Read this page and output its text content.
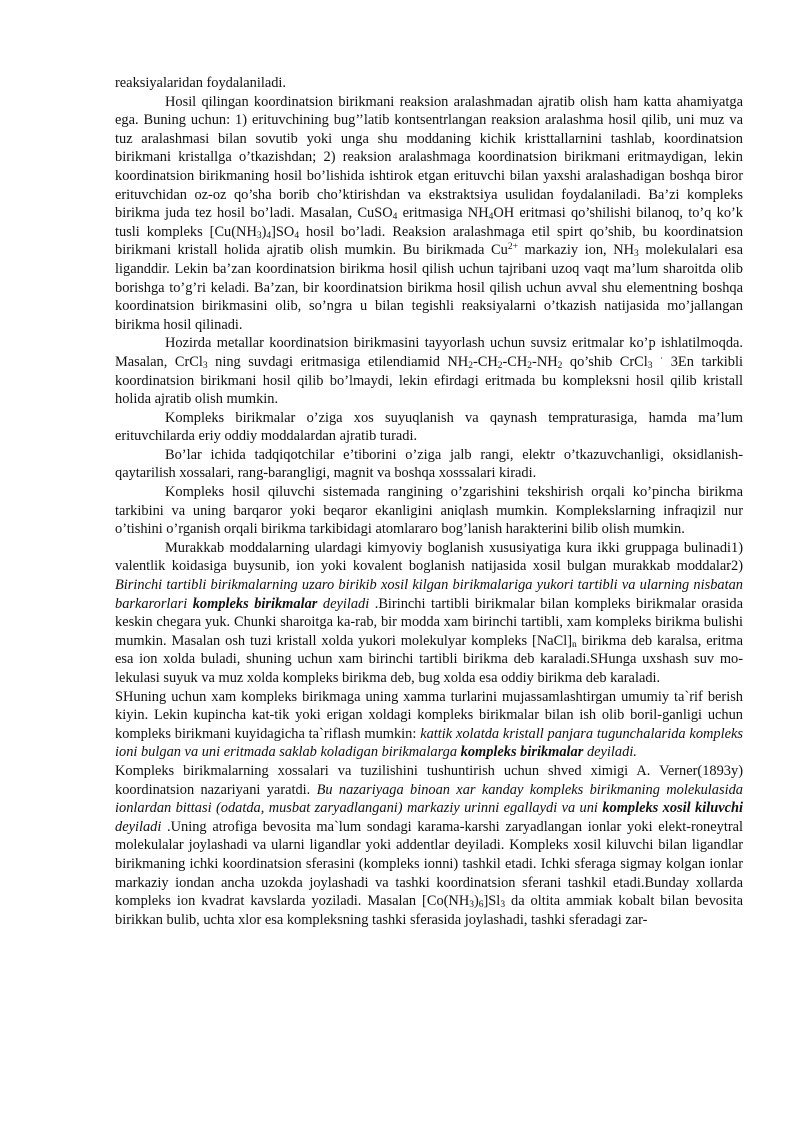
reaksiyalaridan foydalaniladi.

Hosil qilingan koordinatsion birikmani reaksion aralashmadan ajratib olish ham katta ahamiyatga ega. Buning uchun: 1) erituvchining bug’’latib kontsentrlangan reaksion aralashma hosil qilib, uni muz va tuz aralashmasi bilan sovutib yoki unga shu moddaning kichik kristtallarnini tashlab, koordinatsion birikmani kristallga o’tkazishdan; 2) reaksion aralashmaga koordinatsion birikmani eritmaydigan, lekin koordinatsion birikmaning hosil bo’lishida ishtirok etgan erituvchi bilan yaxshi aralashadigan boshqa biror erituvchidan oz-oz qo’sha borib cho’ktirishdan va ekstraktsiya usulidan foydalaniladi. Ba’zi kompleks birikma juda tez hosil bo’ladi. Masalan, CuSO$_4$ eritmasiga $NH_4OH$ eritmasi qo’shilishi bilanoq, to’q ko’k tusli kompleks $[Cu(NH_3)_4]SO_4$ hosil bo’ladi. Reaksion aralashmaga etil spirt qo’shib, bu koordinatsion birikmani kristall holida ajratib olish mumkin. Bu birikmada $Cu^{2+}$ markaziy ion, $NH_3$ molekulalari esa liganddir. Lekin ba’zan koordinatsion birikma hosil qilish uchun tajribani uzoq vaqt ma’lum sharoitda olib borishga to’g’ri keladi. Ba’zan, bir koordinatsion birikma hosil qilish uchun avval shu elementning boshqa koordinatsion birikmasini olib, so’ngra u bilan tegishli reaksiyalarni o’tkazish natijasida mo’jallangan birikma hosil qilinadi.

Hozirda metallar koordinatsion birikmasini tayyorlash uchun suvsiz eritmalar ko’p ishlatilmoqda. Masalan, CrCl$_3$ ning suvdagi eritmasiga etilendiamid $NH_2-CH_2-CH_2-NH_2$ qo’shib CrCl$_3$ · 3En tarkibli koordinatsion birikmani hosil qilib bo’lmaydi, lekin efirdagi eritmada bu kompleksni hosil qilib kristall holida ajratib olish mumkin.

Kompleks birikmalar o’ziga xos suyuqlanish va qaynash tempraturasiga, hamda ma’lum erituvchilarda eriy oddiy moddalardan ajratib turadi.

Bo’lar ichida tadqiqotchilar e’tiborini o’ziga jalb rangi, elektr o’tkazuvchanligi, oksidlanish-qaytarilish xossalari, rang-barangligi, magnit va boshqa xosssalari kiradi.

Kompleks hosil qiluvchi sistemada rangining o’zgarishini tekshirish orqali ko’pincha birikma tarkibini va uning barqaror yoki beqaror ekanligini aniqlash mumkin. Komplekslarning infraqizil nur o’tishini o’rganish orqali birikma tarkibidagi atomlararo bog’lanish harakterini bilib olish mumkin.

Murakkab moddalarning ulardagi kimyoviy boglanish xususiyatiga kura ikki gruppaga bulinadi1) valentlik koidasiga buysunib, ion yoki kovalent boglanish natijasida xosil bulgan murakkab moddalar2) Birinchi tartibli birikmalarning uzaro birikib xosil kilgan birikmalariga yukori tartibli va ularning nisbatan barkarorlari kompleks birikmalar deyiladi .Birinchi tartibli birikmalar bilan kompleks birikmalar orasida keskin chegara yuk. Chunki sharoitga ka-rab, bir modda xam birinchi tartibli, xam kompleks birikma bulishi mumkin. Masalan osh tuzi kristall xolda yukori molekulyar kompleks $[NaCl]_n$ birikma deb karalsa, eritma esa ion xolda buladi, shuning uchun xam birinchi tartibli birikma deb karaladi.SHunga uxshash suv mo-lekulasi suyuk va muz xolda kompleks birikma deb, bug xolda esa oddiy birikma deb karaladi.

SHuning uchun xam kompleks birikmaga uning xamma turlarini mujassamlashtirgan umumiy ta`rif berish kiyin. Lekin kupincha kat-tik yoki erigan xoldagi kompleks birikmalar bilan ish olib boril-ganligi uchun kompleks birikmani kuyidagicha ta`riflash mumkin: kattik xolatda kristall panjara tugunchalarida kompleks ioni bulgan va uni eritmada saklab koladigan birikmalarga kompleks birikmalar deyiladi.

Kompleks birikmalarning xossalari va tuzilishini tushuntirish uchun shved ximigi A. Verner(1893y) koordinatsion nazariyani yaratdi. Bu nazariyaga binoan xar kanday kompleks birikmaning molekulasida ionlardan bittasi (odatda, musbat zaryadlangani) markaziy urinni egallaydi va uni kompleks xosil kiluvchi deyiladi .Uning atrofiga bevosita ma`lum sondagi karama-karshi zaryadlangan ionlar yoki elekt-roneytral molekulalar joylashadi va ularni ligandlar yoki addentlar deyiladi. Kompleks xosil kiluvchi bilan ligandlar birikmaning ichki koordinatsion sferasini (kompleks ionni) tashkil etadi. Ichki sferaga sigmay kolgan ionlar markaziy iondan ancha uzokda joylashadi va tashki koordinatsion sferani tashkil etadi.Bunday xollarda kompleks ion kvadrat kavslarda yoziladi. Masalan $[Co(NH_3)_6]Sl_3$ da oltita ammiak kobalt bilan bevosita birikkan bulib, uchta xlor esa kompleksning tashki sferasida joylashadi, tashki sferadagi zar-
